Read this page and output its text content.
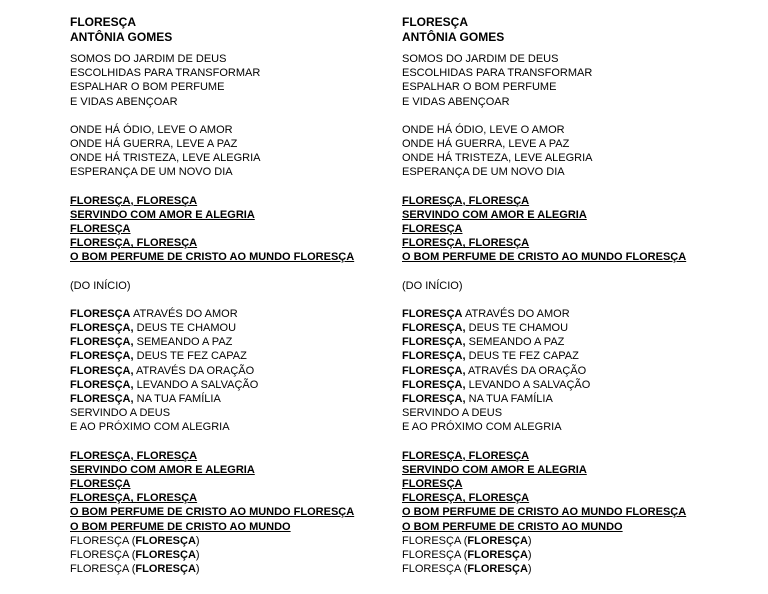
FLORESÇA
ANTÔNIA GOMES
SOMOS DO JARDIM DE DEUS
ESCOLHIDAS PARA TRANSFORMAR
ESPALHAR O BOM PERFUME
E VIDAS ABENÇOAR
ONDE HÁ ÓDIO, LEVE O AMOR
ONDE HÁ GUERRA, LEVE A PAZ
ONDE HÁ TRISTEZA, LEVE ALEGRIA
ESPERANÇA DE UM NOVO DIA
FLORESÇA, FLORESÇA
SERVINDO COM AMOR E ALEGRIA
FLORESÇA
FLORESÇA, FLORESÇA
O BOM PERFUME DE CRISTO AO MUNDO FLORESÇA
(DO INÍCIO)
FLORESÇA ATRAVÉS DO AMOR
FLORESÇA, DEUS TE CHAMOU
FLORESÇA, SEMEANDO A PAZ
FLORESÇA, DEUS TE FEZ CAPAZ
FLORESÇA, ATRAVÉS DA ORAÇÃO
FLORESÇA, LEVANDO A SALVAÇÃO
FLORESÇA, NA TUA FAMÍLIA
SERVINDO A DEUS
E AO PRÓXIMO COM ALEGRIA
FLORESÇA, FLORESÇA
SERVINDO COM AMOR E ALEGRIA
FLORESÇA
FLORESÇA, FLORESÇA
O BOM PERFUME DE CRISTO AO MUNDO FLORESÇA
O BOM PERFUME DE CRISTO AO MUNDO
FLORESÇA (FLORESÇA)
FLORESÇA (FLORESÇA)
FLORESÇA (FLORESÇA)
FLORESÇA
ANTÔNIA GOMES
SOMOS DO JARDIM DE DEUS
ESCOLHIDAS PARA TRANSFORMAR
ESPALHAR O BOM PERFUME
E VIDAS ABENÇOAR
ONDE HÁ ÓDIO, LEVE O AMOR
ONDE HÁ GUERRA, LEVE A PAZ
ONDE HÁ TRISTEZA, LEVE ALEGRIA
ESPERANÇA DE UM NOVO DIA
FLORESÇA, FLORESÇA
SERVINDO COM AMOR E ALEGRIA
FLORESÇA
FLORESÇA, FLORESÇA
O BOM PERFUME DE CRISTO AO MUNDO FLORESÇA
(DO INÍCIO)
FLORESÇA ATRAVÉS DO AMOR
FLORESÇA, DEUS TE CHAMOU
FLORESÇA, SEMEANDO A PAZ
FLORESÇA, DEUS TE FEZ CAPAZ
FLORESÇA, ATRAVÉS DA ORAÇÃO
FLORESÇA, LEVANDO A SALVAÇÃO
FLORESÇA, NA TUA FAMÍLIA
SERVINDO A DEUS
E AO PRÓXIMO COM ALEGRIA
FLORESÇA, FLORESÇA
SERVINDO COM AMOR E ALEGRIA
FLORESÇA
FLORESÇA, FLORESÇA
O BOM PERFUME DE CRISTO AO MUNDO FLORESÇA
O BOM PERFUME DE CRISTO AO MUNDO
FLORESÇA (FLORESÇA)
FLORESÇA (FLORESÇA)
FLORESÇA (FLORESÇA)
